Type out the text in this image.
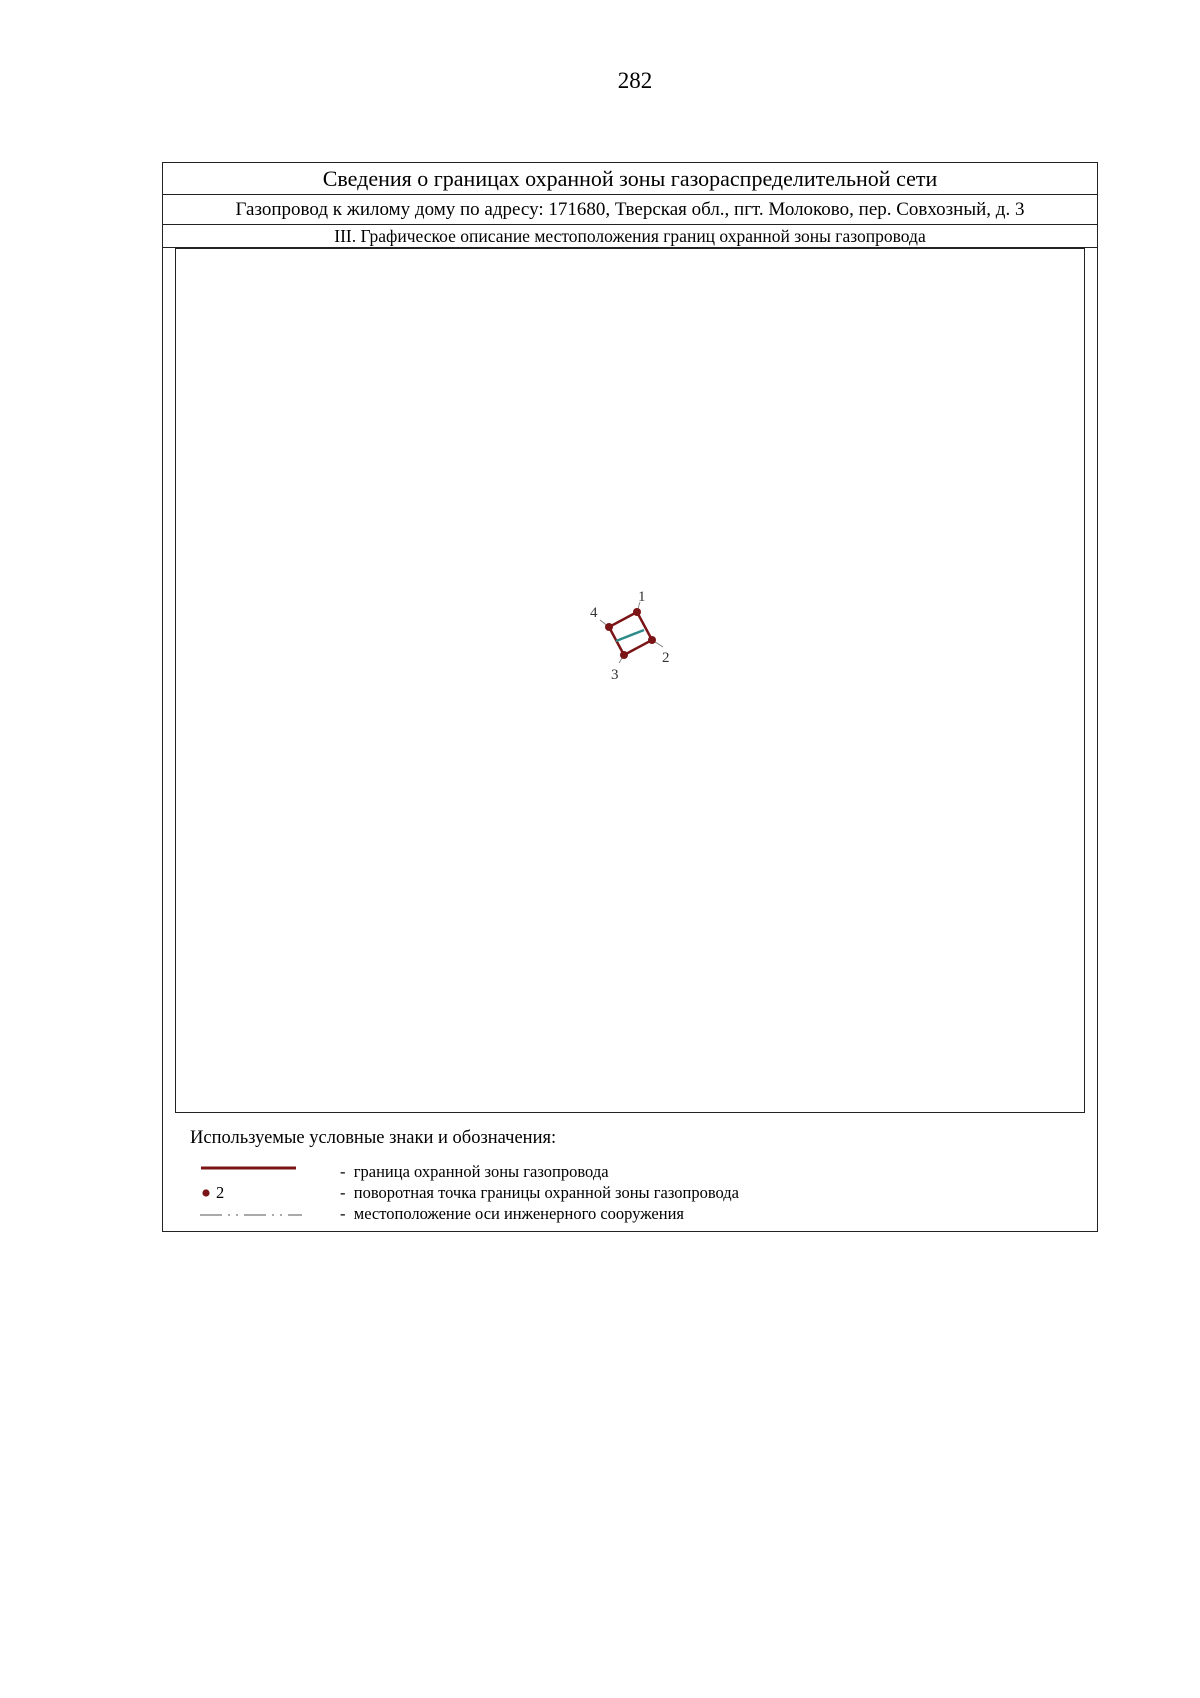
282
Сведения о границах охранной зоны газораспределительной сети
Газопровод к жилому дому по адресу: 171680, Тверская обл., пгт. Молоково, пер. Совхозный, д. 3
III. Графическое описание местоположения границ охранной зоны газопровода
1
2
3
4
Используемые условные знаки и обозначения:
- граница охранной зоны газопровода
2	- поворотная точка границы охранной зоны газопровода
- местоположение оси инженерного сооружения
